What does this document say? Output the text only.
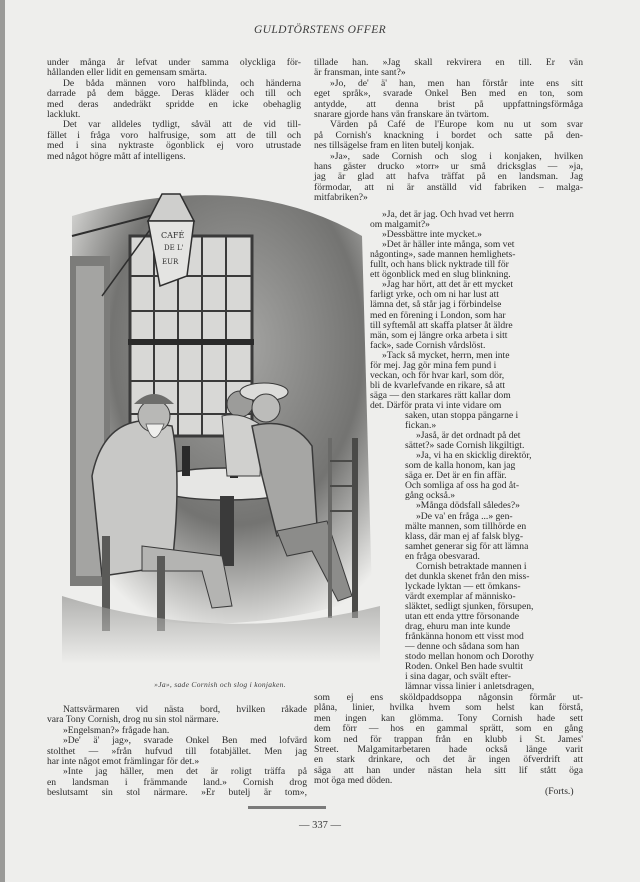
GULDTÖRSTENS OFFER
under många år lefvat under samma olyckliga för-
hållanden eller lidit en gemensam smärta.
De båda männen voro halfblinda, och händerna
darrade på dem bägge. Deras kläder och till och
med deras andedräkt spridde en icke obehaglig
lacklukt.
Det var alldeles tydligt, såväl att de vid till-
fället i fråga voro halfrusige, som att de till och
med i sina nyktraste ögonblick ej voro utrustade
med något högre mått af intelligens.
CAFÉ
DE L'
EUR
»Ja», sade Cornish och slog i konjaken.
Nattsvärmaren vid nästa bord, hvilken råkade
vara Tony Cornish, drog nu sin stol närmare.
»Engelsman?» frågade han.
»De' ä' jag», svarade Onkel Ben med lofvärd
stolthet — »från hufvud till fotabjället. Men jag
har inte något emot främlingar för det.»
»Inte jag häller, men det är roligt träffa på
en landsman i främmande land.» Cornish drog
beslutsamt sin stol närmare. »Er butelj är tom»,
tillade han. »Jag skall rekvirera en till. Er vän
är fransman, inte sant?»
»Jo, de' ä' han, men han förstår inte ens sitt
eget språk», svarade Onkel Ben med en ton, som
antydde, att denna brist på uppfattningsförmåga
snarare gjorde hans vän franskare än tvärtom.
Värden på Café de l'Europe kom nu ut som svar
på Cornish's knackning i bordet och satte på den-
nes tillsägelse fram en liten butelj konjak.
»Ja», sade Cornish och slog i konjaken, hvilken
hans gäster drucko »torr» ur små dricksglas — »ja,
jag är glad att hafva träffat på en landsman. Jag
förmodar, att ni är anställd vid fabriken – malga-
mitfabriken?»
»Ja, det är jag. Och hvad vet herrn
om malgamit?»
»Dessbättre inte mycket.»
»Det är häller inte många, som vet
någonting», sade mannen hemlighets-
fullt, och hans blick nyktrade till för
ett ögonblick med en slug blinkning.
»Jag har hört, att det är ett mycket
farligt yrke, och om ni har lust att
lämna det, så står jag i förbindelse
med en förening i London, som har
till syftemål att skaffa platser åt äldre
män, som ej längre orka arbeta i sitt
fack», sade Cornish vårdslöst.
»Tack så mycket, herrn, men inte
för mej. Jag gör mina fem pund i
veckan, och för hvar karl, som dör,
bli de kvarlefvande en rikare, så att
säga — den starkares rätt kallar dom
det. Därför prata vi inte vidare om
saken, utan stoppa pängarne i
fickan.»
»Jaså, är det ordnadt på det
sättet?» sade Cornish likgiltigt.
»Ja, vi ha en skicklig direktör,
som de kalla honom, kan jag
säga er. Det är en fin affär.
Och somliga af oss ha god åt-
gång också.»
»Många dödsfall således?»
»De va' en fråga ...» gen-
mälte mannen, som tillhörde en
klass, där man ej af falsk blyg-
samhet generar sig för att lämna
en fråga obesvarad.
Cornish betraktade mannen i
det dunkla skenet från den miss-
lyckade lyktan — ett ömkans-
värdt exemplar af människo-
släktet, sedligt sjunken, försupen,
utan ett enda yttre försonande
drag, ehuru man inte kunde
frånkänna honom ett visst mod
— denne och sådana som han
stodo mellan honom och Dorothy
Roden. Onkel Ben hade svultit
i sina dagar, och svält efter-
lämnar vissa linier i anletsdragen,
som ej ens sköldpaddsoppa någonsin förmår ut-
plåna, linier, hvilka hvem som helst kan förstå,
men ingen kan glömma. Tony Cornish hade sett
dem förr — hos en gammal sprätt, som en gång
kom ned för trappan från en klubb i St. James'
Street. Malgamitarbetaren hade också länge varit
en stark drinkare, och det är ingen öfverdrift att
säga att han under nästan hela sitt lif stått öga
mot öga med döden.
(Forts.)
— 337 —
